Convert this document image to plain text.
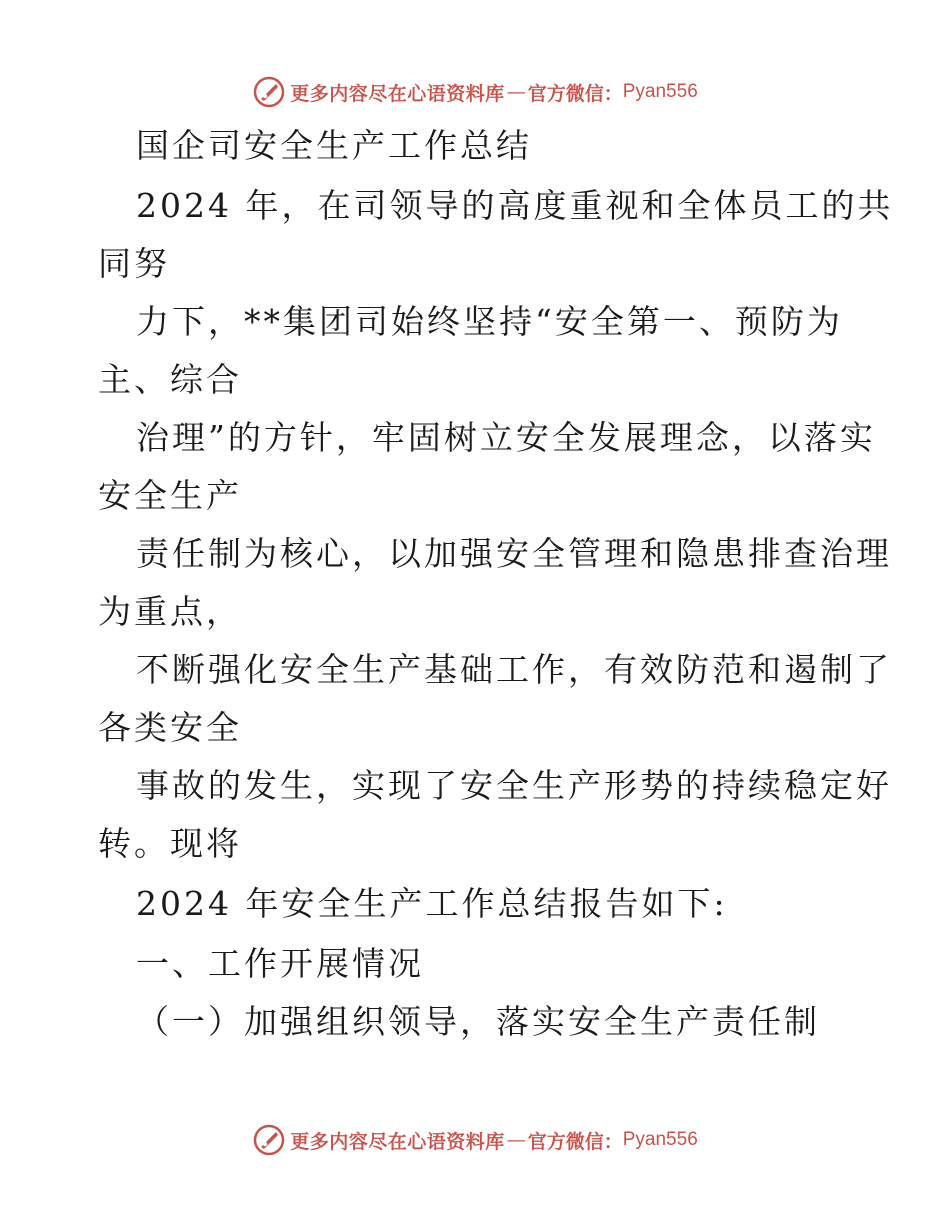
更多内容尽在心语资料库 — 官方微信： Pyan556
国企司安全生产工作总结
2024 年，在司领导的高度重视和全体员工的共
同努
力下，**集团司始终坚持“安全第一、预防为
主、综合
治理”的方针，牢固树立安全发展理念，以落实
安全生产
责任制为核心，以加强安全管理和隐患排查治理
为重点，
不断强化安全生产基础工作，有效防范和遏制了
各类安全
事故的发生，实现了安全生产形势的持续稳定好
转。现将
2024 年安全生产工作总结报告如下:
一、工作开展情况
（一）加强组织领导，落实安全生产责任制
更多内容尽在心语资料库 — 官方微信： Pyan556
